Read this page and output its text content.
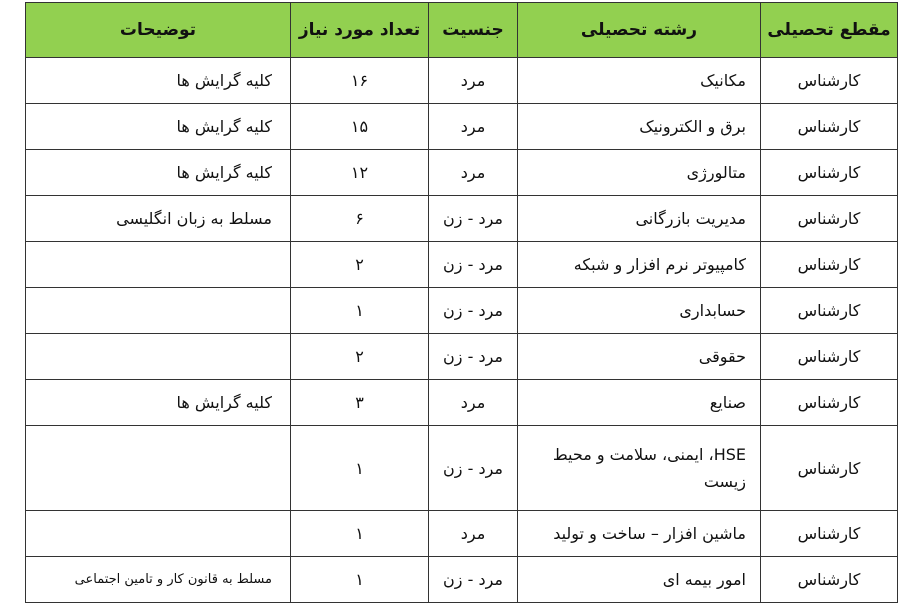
مقطع تحصیلی	رشته تحصیلی	جنسیت	تعداد مورد نیاز	توضیحات
کارشناس	مکانیک	مرد	۱۶	کلیه گرایش ها
کارشناس	برق و الکترونیک	مرد	۱۵	کلیه گرایش ها
کارشناس	متالورژی	مرد	۱۲	کلیه گرایش ها
کارشناس	مدیریت بازرگانی	مرد - زن	۶	مسلط به زبان انگلیسی
کارشناس	کامپیوتر نرم افزار و شبکه	مرد - زن	۲	
کارشناس	حسابداری	مرد - زن	۱	
کارشناس	حقوقی	مرد - زن	۲	
کارشناس	صنایع	مرد	۳	کلیه گرایش ها
کارشناس	HSE، ایمنی، سلامت و محیط زیست	مرد - زن	۱	
کارشناس	ماشین افزار – ساخت و تولید	مرد	۱	
کارشناس	امور بیمه ای	مرد - زن	۱	مسلط به قانون کار و تامین اجتماعی
